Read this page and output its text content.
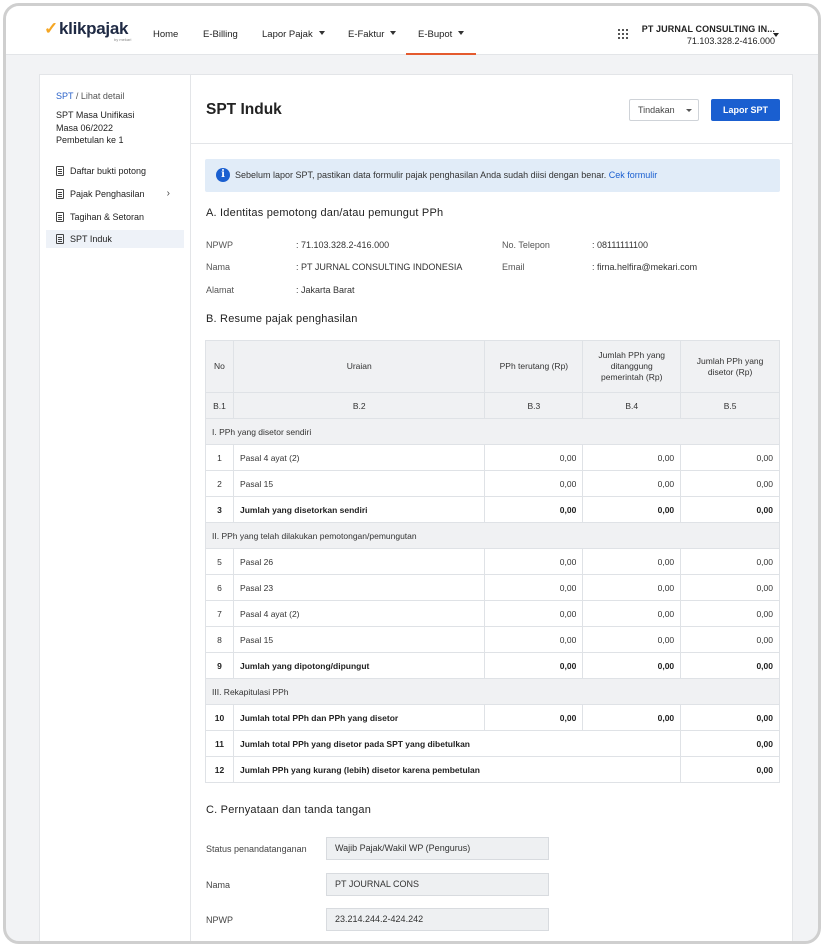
✓ klikpajak
by mekari Home	E-Billing	Lapor Pajak	E-Faktur	E-Bupot	PT JURNAL CONSULTING IN...
71.103.328.2-416.000
SPT / Lihat detail
SPT Masa Unifikasi
Masa 06/2022
Pembetulan ke 1
Daftar bukti potong
Pajak Penghasilan ›
Tagihan & Setoran
SPT Induk
SPT Induk	Tindakan	Lapor SPT
i	Sebelum lapor SPT, pastikan data formulir pajak penghasilan Anda sudah diisi dengan benar. Cek formulir
A. Identitas pemotong dan/atau pemungut PPh
NPWP	: 71.103.328.2-416.000
Nama	: PT JURNAL CONSULTING INDONESIA
Alamat	: Jakarta Barat
No. Telepon	: 08111111100
Email	: firna.helfira@mekari.com
B. Resume pajak penghasilan
No	Uraian	PPh terutang (Rp)	Jumlah PPh yang ditanggung pemerintah (Rp)	Jumlah PPh yang disetor (Rp)
B.1	B.2	B.3	B.4	B.5
I. PPh yang disetor sendiri				
1	Pasal 4 ayat (2)	0,00	0,00	0,00
2	Pasal 15	0,00	0,00	0,00
3	Jumlah yang disetorkan sendiri	0,00	0,00	0,00
II. PPh yang telah dilakukan pemotongan/pemungutan				
5	Pasal 26	0,00	0,00	0,00
6	Pasal 23	0,00	0,00	0,00
7	Pasal 4 ayat (2)	0,00	0,00	0,00
8	Pasal 15	0,00	0,00	0,00
9	Jumlah yang dipotong/dipungut	0,00	0,00	0,00
III. Rekapitulasi PPh				
10	Jumlah total PPh dan PPh yang disetor	0,00	0,00	0,00
11	Jumlah total PPh yang disetor pada SPT yang dibetulkan			0,00
12	Jumlah PPh yang kurang (lebih) disetor karena pembetulan			0,00
C. Pernyataan dan tanda tangan
Status penandatanganan	Wajib Pajak/Wakil WP (Pengurus)
Nama	PT JOURNAL CONS
NPWP	23.214.244.2-424.242
